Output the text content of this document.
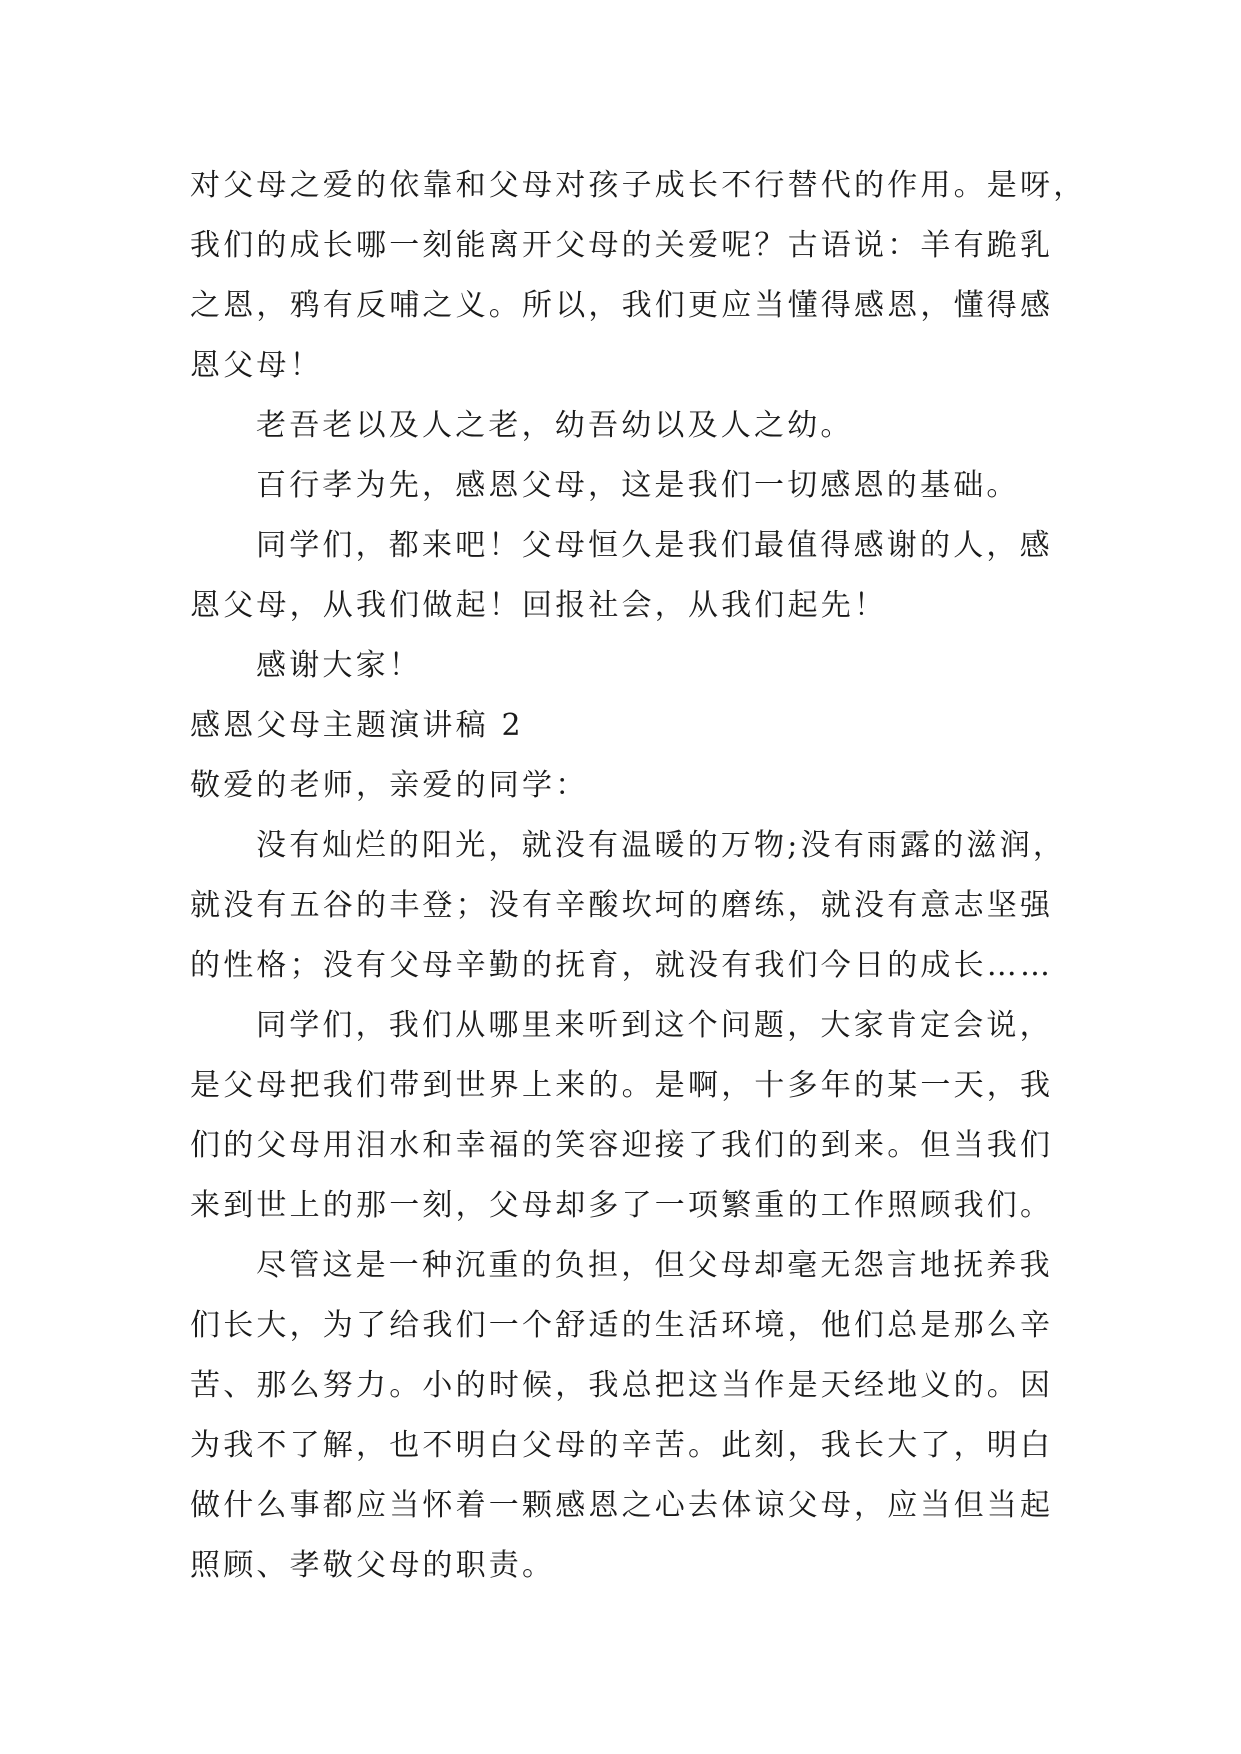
对父母之爱的依靠和父母对孩子成长不行替代的作用。是呀，
我们的成长哪一刻能离开父母的关爱呢？古语说：羊有跪乳
之恩，鸦有反哺之义。所以，我们更应当懂得感恩，懂得感
恩父母！
老吾老以及人之老，幼吾幼以及人之幼。
百行孝为先，感恩父母，这是我们一切感恩的基础。
同学们，都来吧！父母恒久是我们最值得感谢的人，感
恩父母，从我们做起！回报社会，从我们起先！
感谢大家！
感恩父母主题演讲稿 2
敬爱的老师，亲爱的同学：
没有灿烂的阳光，就没有温暖的万物;没有雨露的滋润，
就没有五谷的丰登；没有辛酸坎坷的磨练，就没有意志坚强
的性格；没有父母辛勤的抚育，就没有我们今日的成长……
同学们，我们从哪里来听到这个问题，大家肯定会说，
是父母把我们带到世界上来的。是啊，十多年的某一天，我
们的父母用泪水和幸福的笑容迎接了我们的到来。但当我们
来到世上的那一刻，父母却多了一项繁重的工作照顾我们。
尽管这是一种沉重的负担，但父母却毫无怨言地抚养我
们长大，为了给我们一个舒适的生活环境，他们总是那么辛
苦、那么努力。小的时候，我总把这当作是天经地义的。因
为我不了解，也不明白父母的辛苦。此刻，我长大了，明白
做什么事都应当怀着一颗感恩之心去体谅父母，应当但当起
照顾、孝敬父母的职责。
